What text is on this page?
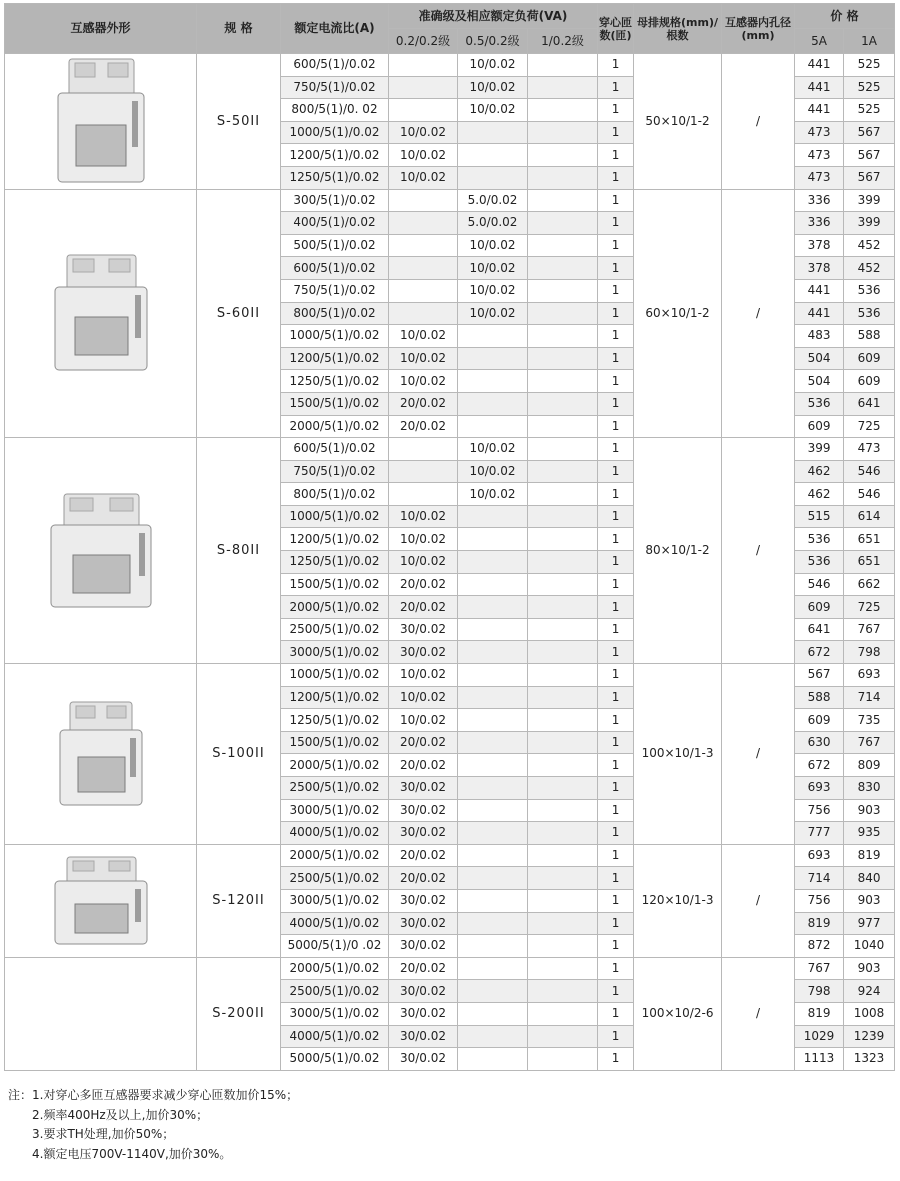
互感器外形	规 格	额定电流比(A)	准确级及相应额定负荷(VA)			穿心匝数(匝)	母排规格(mm)/根数	互感器内孔径(mm)	价 格	
			0.2/0.2级	0.5/0.2级	1/0.2级				5A	1A

	S-50II	600/5(1)/0.02		10/0.02		1	50×10/1-2	/	441	525
		750/5(1)/0.02		10/0.02		1			441	525
		800/5(1)/0. 02		10/0.02		1			441	525
		1000/5(1)/0.02	10/0.02			1			473	567
		1200/5(1)/0.02	10/0.02			1			473	567
		1250/5(1)/0.02	10/0.02			1			473	567

	S-60II	300/5(1)/0.02		5.0/0.02		1	60×10/1-2	/	336	399
		400/5(1)/0.02		5.0/0.02		1			336	399
		500/5(1)/0.02		10/0.02		1			378	452
		600/5(1)/0.02		10/0.02		1			378	452
		750/5(1)/0.02		10/0.02		1			441	536
		800/5(1)/0.02		10/0.02		1			441	536
		1000/5(1)/0.02	10/0.02			1			483	588
		1200/5(1)/0.02	10/0.02			1			504	609
		1250/5(1)/0.02	10/0.02			1			504	609
		1500/5(1)/0.02	20/0.02			1			536	641
		2000/5(1)/0.02	20/0.02			1			609	725

	S-80II	600/5(1)/0.02		10/0.02		1	80×10/1-2	/	399	473
		750/5(1)/0.02		10/0.02		1			462	546
		800/5(1)/0.02		10/0.02		1			462	546
		1000/5(1)/0.02	10/0.02			1			515	614
		1200/5(1)/0.02	10/0.02			1			536	651
		1250/5(1)/0.02	10/0.02			1			536	651
		1500/5(1)/0.02	20/0.02			1			546	662
		2000/5(1)/0.02	20/0.02			1			609	725
		2500/5(1)/0.02	30/0.02			1			641	767
		3000/5(1)/0.02	30/0.02			1			672	798

	S-100II	1000/5(1)/0.02	10/0.02			1	100×10/1-3	/	567	693
		1200/5(1)/0.02	10/0.02			1			588	714
		1250/5(1)/0.02	10/0.02			1			609	735
		1500/5(1)/0.02	20/0.02			1			630	767
		2000/5(1)/0.02	20/0.02			1			672	809
		2500/5(1)/0.02	30/0.02			1			693	830
		3000/5(1)/0.02	30/0.02			1			756	903
		4000/5(1)/0.02	30/0.02			1			777	935

	S-120II	2000/5(1)/0.02	20/0.02			1	120×10/1-3	/	693	819
		2500/5(1)/0.02	20/0.02			1			714	840
		3000/5(1)/0.02	30/0.02			1			756	903
		4000/5(1)/0.02	30/0.02			1			819	977
		5000/5(1)/0 .02	30/0.02			1			872	1040
	S-200II	2000/5(1)/0.02	20/0.02			1	100×10/2-6	/	767	903
		2500/5(1)/0.02	30/0.02			1			798	924
		3000/5(1)/0.02	30/0.02			1			819	1008
		4000/5(1)/0.02	30/0.02			1			1029	1239
		5000/5(1)/0.02	30/0.02			1			1113	1323
注：1.对穿心多匝互感器要求减少穿心匝数加价15%；
2.频率400Hz及以上,加价30%；
3.要求TH处理,加价50%；
4.额定电压700V-1140V,加价30%。
